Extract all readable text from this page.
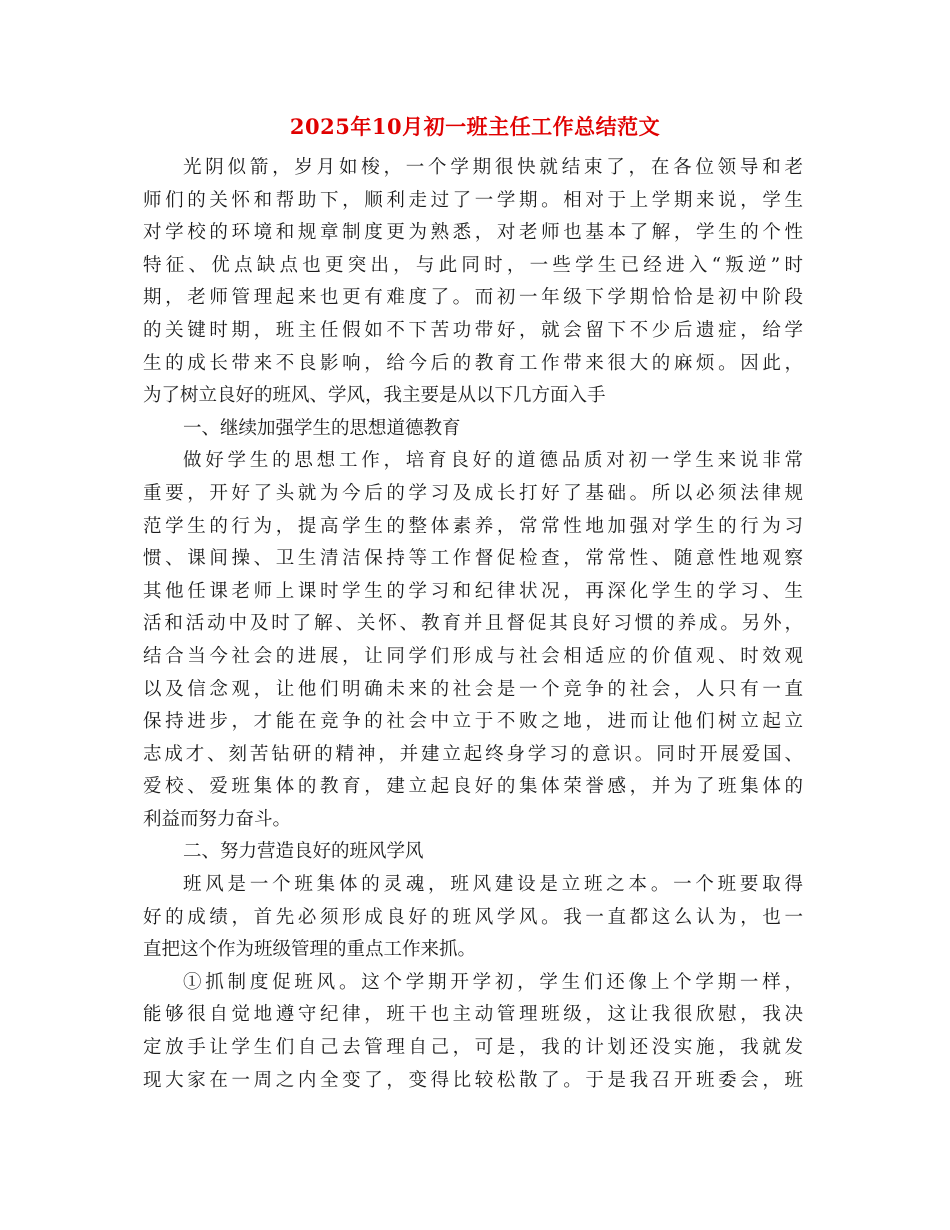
2025年10月初一班主任工作总结范文
光阴似箭，岁月如梭，一个学期很快就结束了，在各位领导和老
师们的关怀和帮助下，顺利走过了一学期。相对于上学期来说，学生
对学校的环境和规章制度更为熟悉，对老师也基本了解，学生的个性
特征、优点缺点也更突出，与此同时，一些学生已经进入“叛逆”时
期，老师管理起来也更有难度了。而初一年级下学期恰恰是初中阶段
的关键时期，班主任假如不下苦功带好，就会留下不少后遗症，给学
生的成长带来不良影响，给今后的教育工作带来很大的麻烦。因此，
为了树立良好的班风、学风，我主要是从以下几方面入手
一、继续加强学生的思想道德教育
做好学生的思想工作，培育良好的道德品质对初一学生来说非常
重要，开好了头就为今后的学习及成长打好了基础。所以必须法律规
范学生的行为，提高学生的整体素养，常常性地加强对学生的行为习
惯、课间操、卫生清洁保持等工作督促检查，常常性、随意性地观察
其他任课老师上课时学生的学习和纪律状况，再深化学生的学习、生
活和活动中及时了解、关怀、教育并且督促其良好习惯的养成。另外，
结合当今社会的进展，让同学们形成与社会相适应的价值观、时效观
以及信念观，让他们明确未来的社会是一个竞争的社会，人只有一直
保持进步，才能在竞争的社会中立于不败之地，进而让他们树立起立
志成才、刻苦钻研的精神，并建立起终身学习的意识。同时开展爱国、
爱校、爱班集体的教育，建立起良好的集体荣誉感，并为了班集体的
利益而努力奋斗。
二、努力营造良好的班风学风
班风是一个班集体的灵魂，班风建设是立班之本。一个班要取得
好的成绩，首先必须形成良好的班风学风。我一直都这么认为，也一
直把这个作为班级管理的重点工作来抓。
①抓制度促班风。这个学期开学初，学生们还像上个学期一样，
能够很自觉地遵守纪律，班干也主动管理班级，这让我很欣慰，我决
定放手让学生们自己去管理自己，可是，我的计划还没实施，我就发
现大家在一周之内全变了，变得比较松散了。于是我召开班委会，班
